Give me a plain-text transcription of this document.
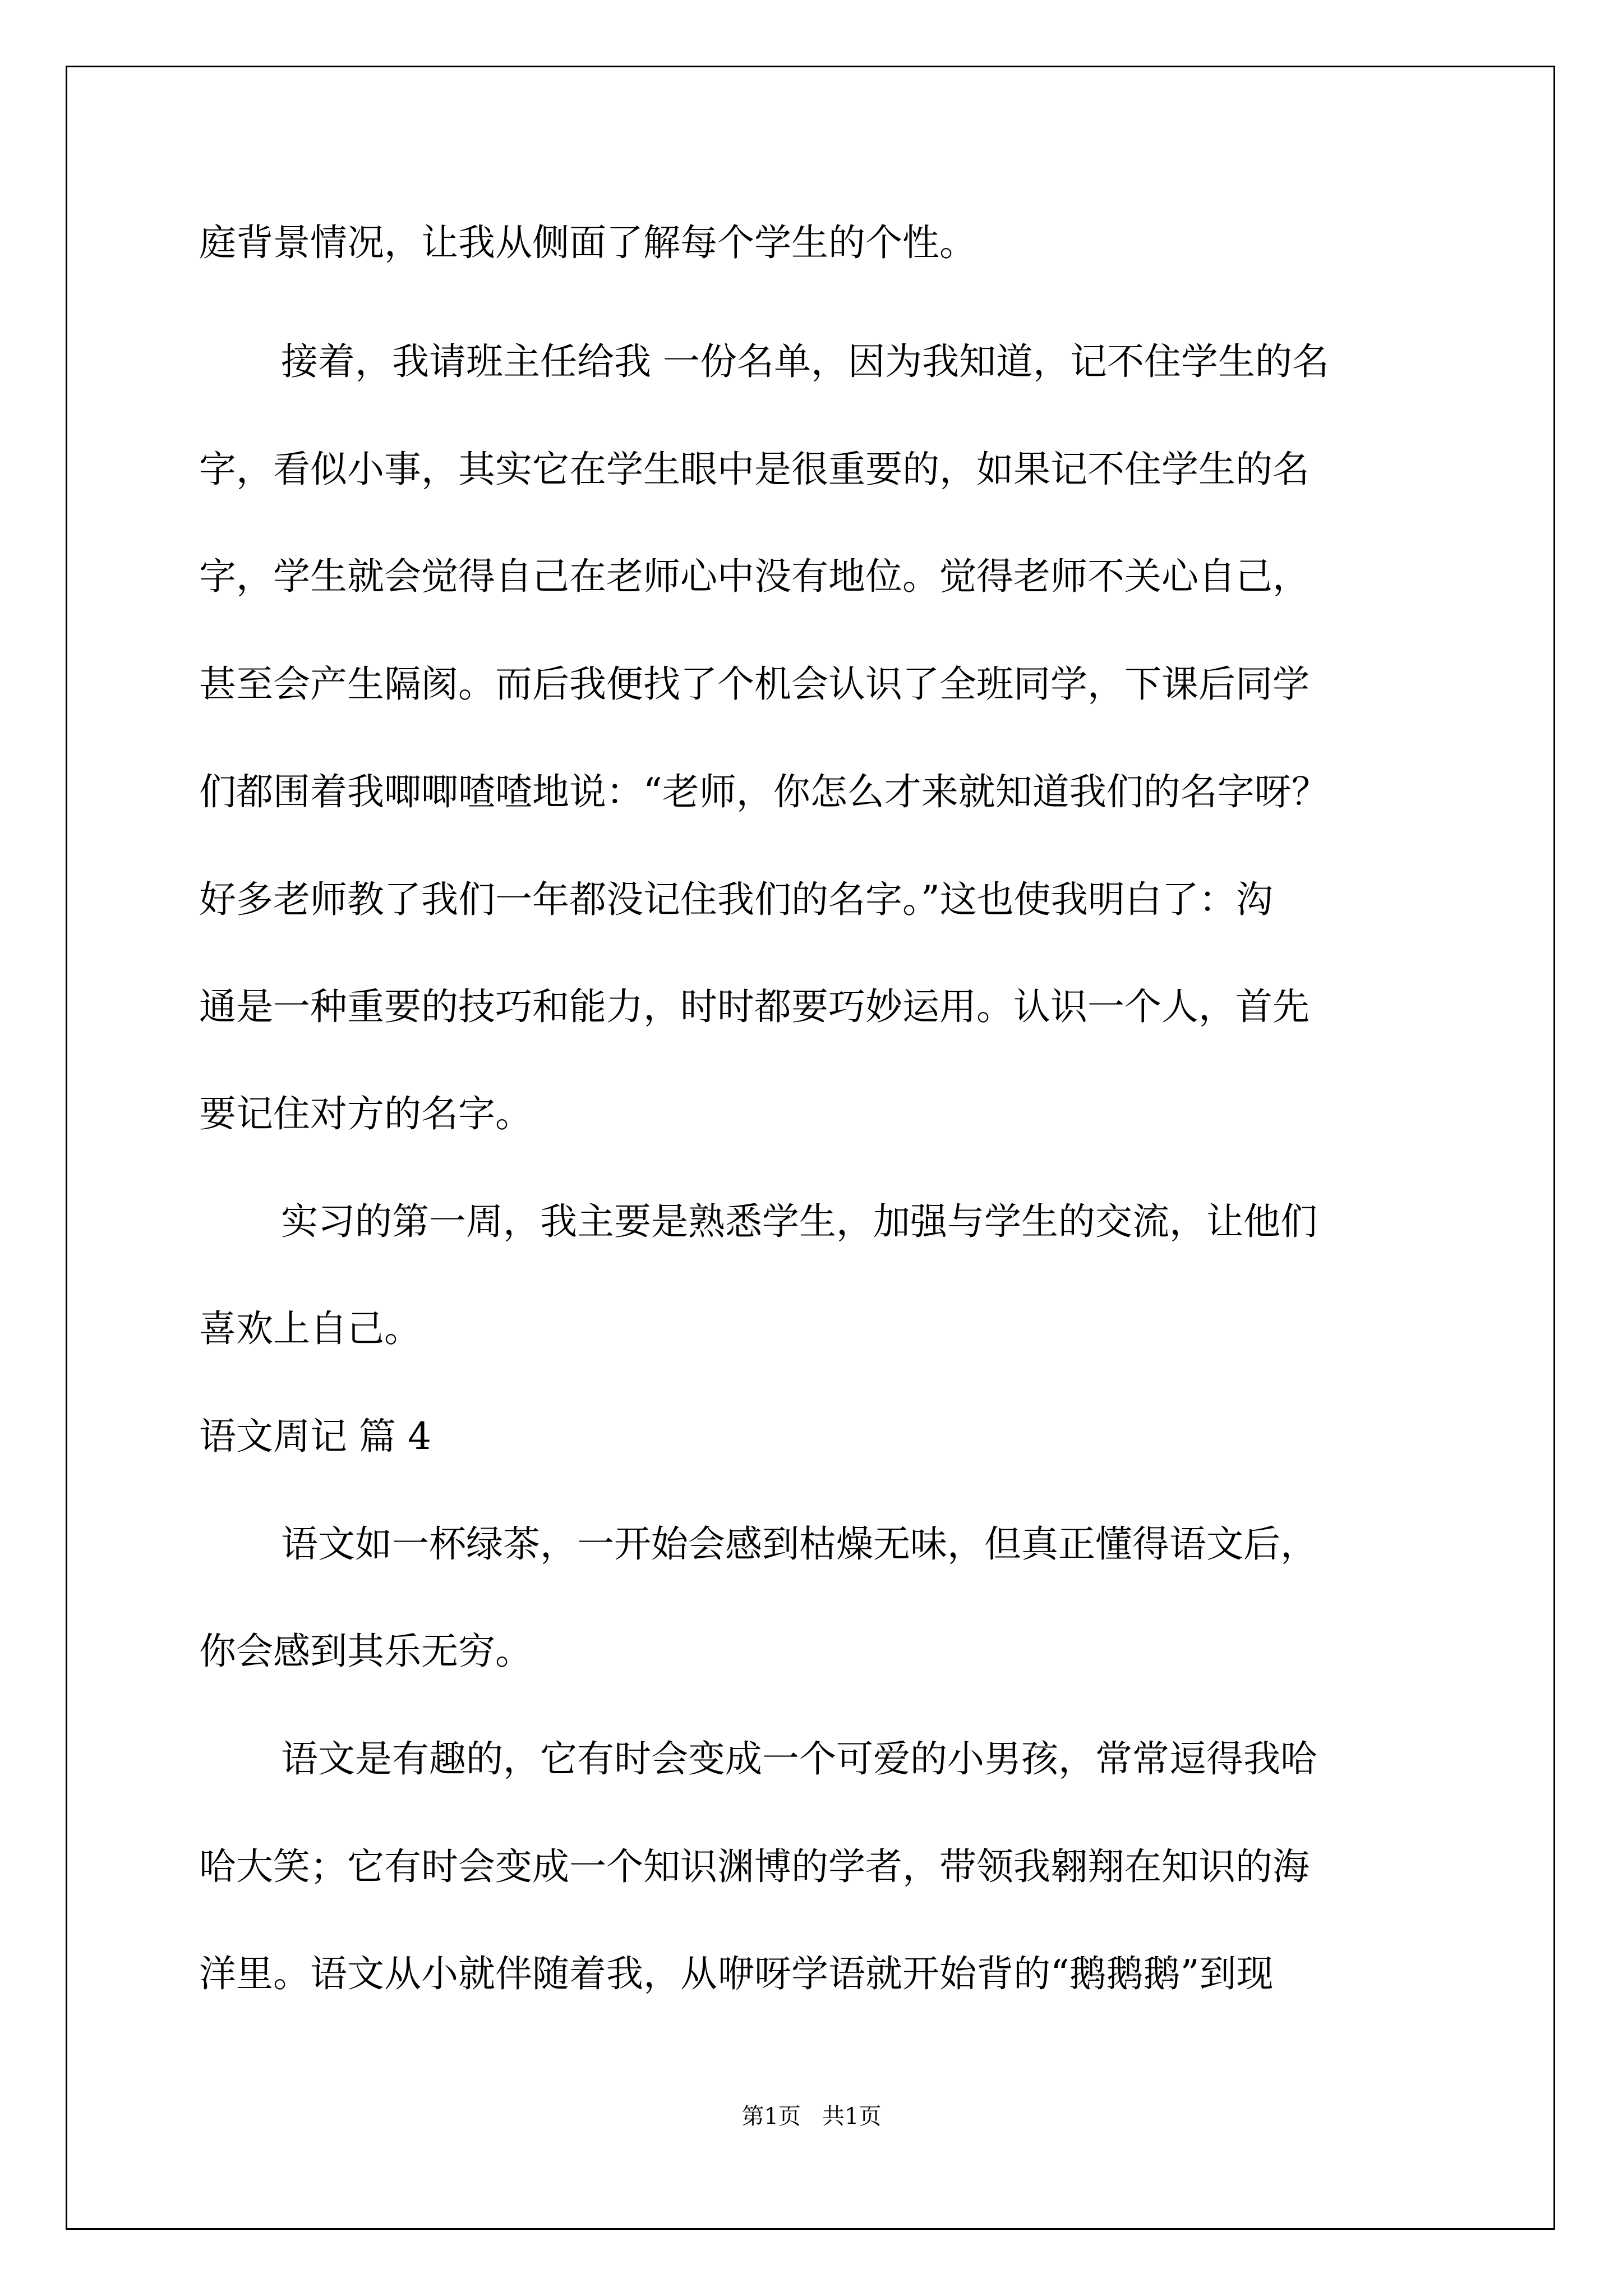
庭背景情况，让我从侧面了解每个学生的个性。
接着，我请班主任给我 一份名单，因为我知道，记不住学生的名
字，看似小事，其实它在学生眼中是很重要的，如果记不住学生的名
字，学生就会觉得自己在老师心中没有地位。觉得老师不关心自己，
甚至会产生隔阂。而后我便找了个机会认识了全班同学，下课后同学
们都围着我唧唧喳喳地说：“老师，你怎么才来就知道我们的名字呀？
好多老师教了我们一年都没记住我们的名字。”这也使我明白了：沟
通是一种重要的技巧和能力，时时都要巧妙运用。认识一个人，首先
要记住对方的名字。
实习的第一周，我主要是熟悉学生，加强与学生的交流，让他们
喜欢上自己。
语文周记 篇 4
语文如一杯绿茶，一开始会感到枯燥无味，但真正懂得语文后，
你会感到其乐无穷。
语文是有趣的，它有时会变成一个可爱的小男孩，常常逗得我哈
哈大笑；它有时会变成一个知识渊博的学者，带领我翱翔在知识的海
洋里。语文从小就伴随着我，从咿呀学语就开始背的“鹅鹅鹅”到现
第1页   共1页
